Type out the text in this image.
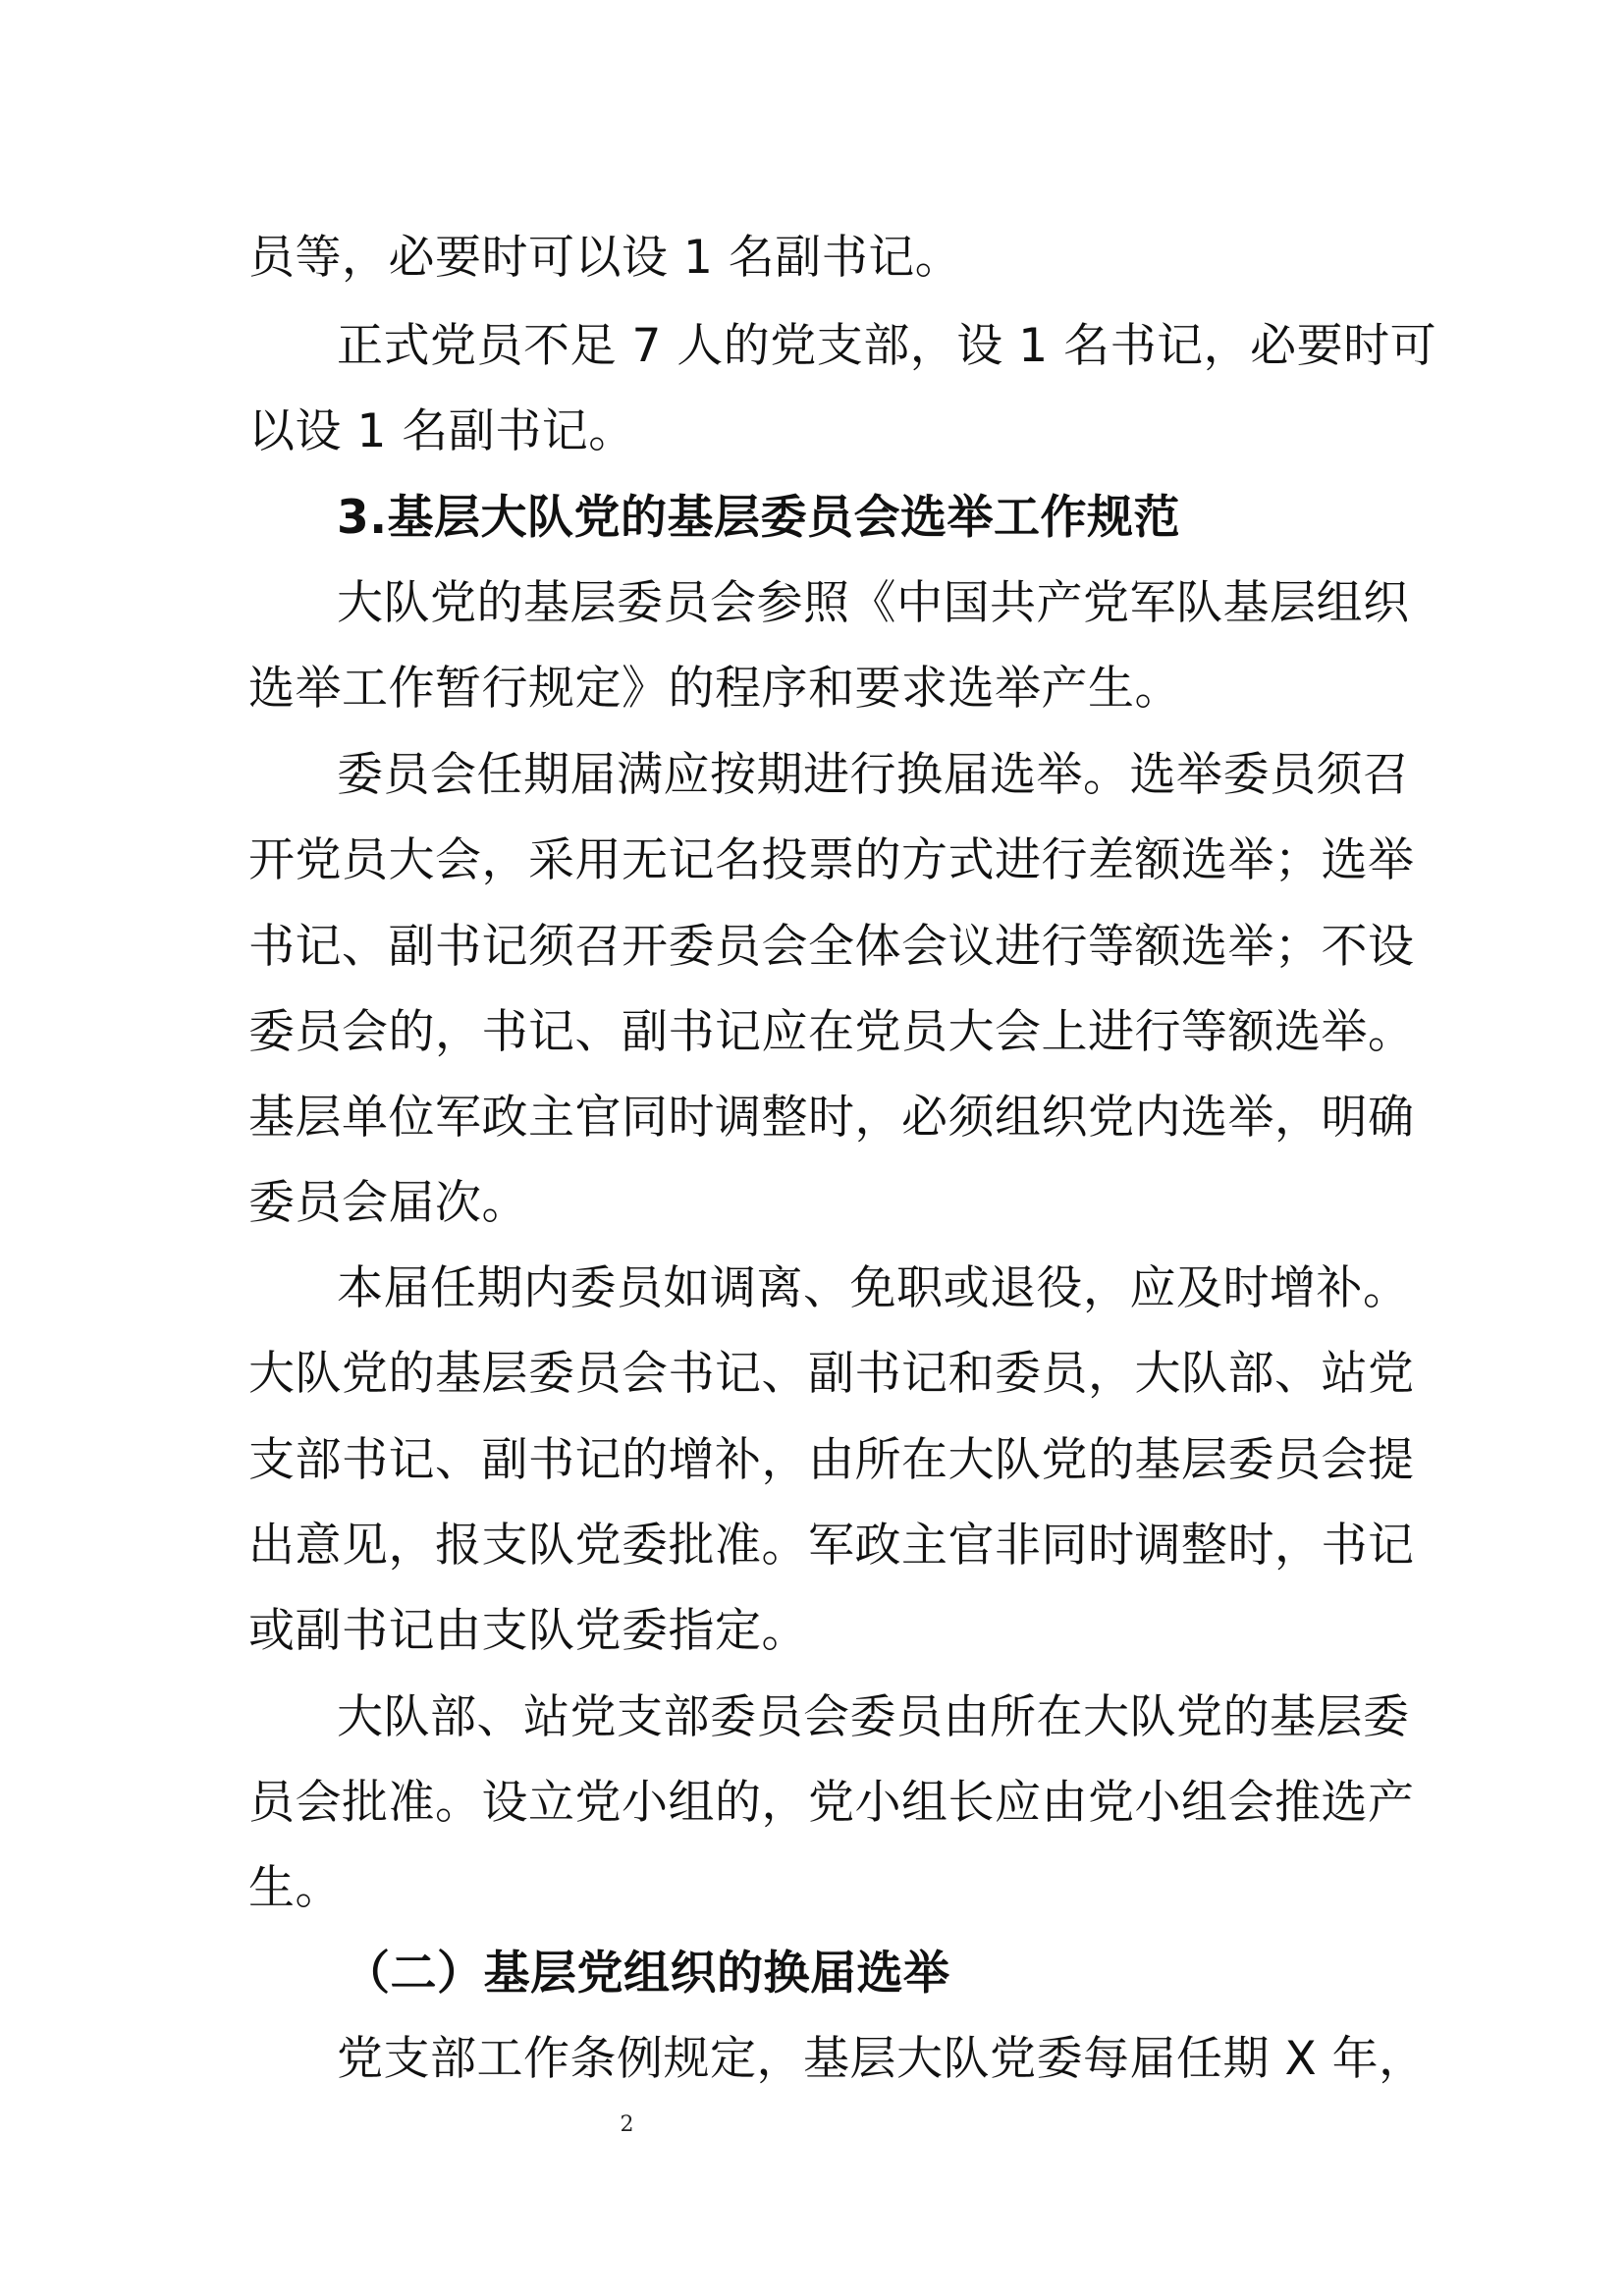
员等，必要时可以设 1 名副书记。
正式党员不足 7 人的党支部，设 1 名书记，必要时可
以设 1 名副书记。
3.基层大队党的基层委员会选举工作规范
大队党的基层委员会参照《中国共产党军队基层组织
选举工作暂行规定》的程序和要求选举产生。
委员会任期届满应按期进行换届选举。选举委员须召
开党员大会，采用无记名投票的方式进行差额选举；选举
书记、副书记须召开委员会全体会议进行等额选举；不设
委员会的，书记、副书记应在党员大会上进行等额选举。
基层单位军政主官同时调整时，必须组织党内选举，明确
委员会届次。
本届任期内委员如调离、免职或退役，应及时增补。
大队党的基层委员会书记、副书记和委员，大队部、站党
支部书记、副书记的增补，由所在大队党的基层委员会提
出意见，报支队党委批准。军政主官非同时调整时，书记
或副书记由支队党委指定。
大队部、站党支部委员会委员由所在大队党的基层委
员会批准。设立党小组的，党小组长应由党小组会推选产
生。
（二）基层党组织的换届选举
党支部工作条例规定，基层大队党委每届任期 X 年，
2
